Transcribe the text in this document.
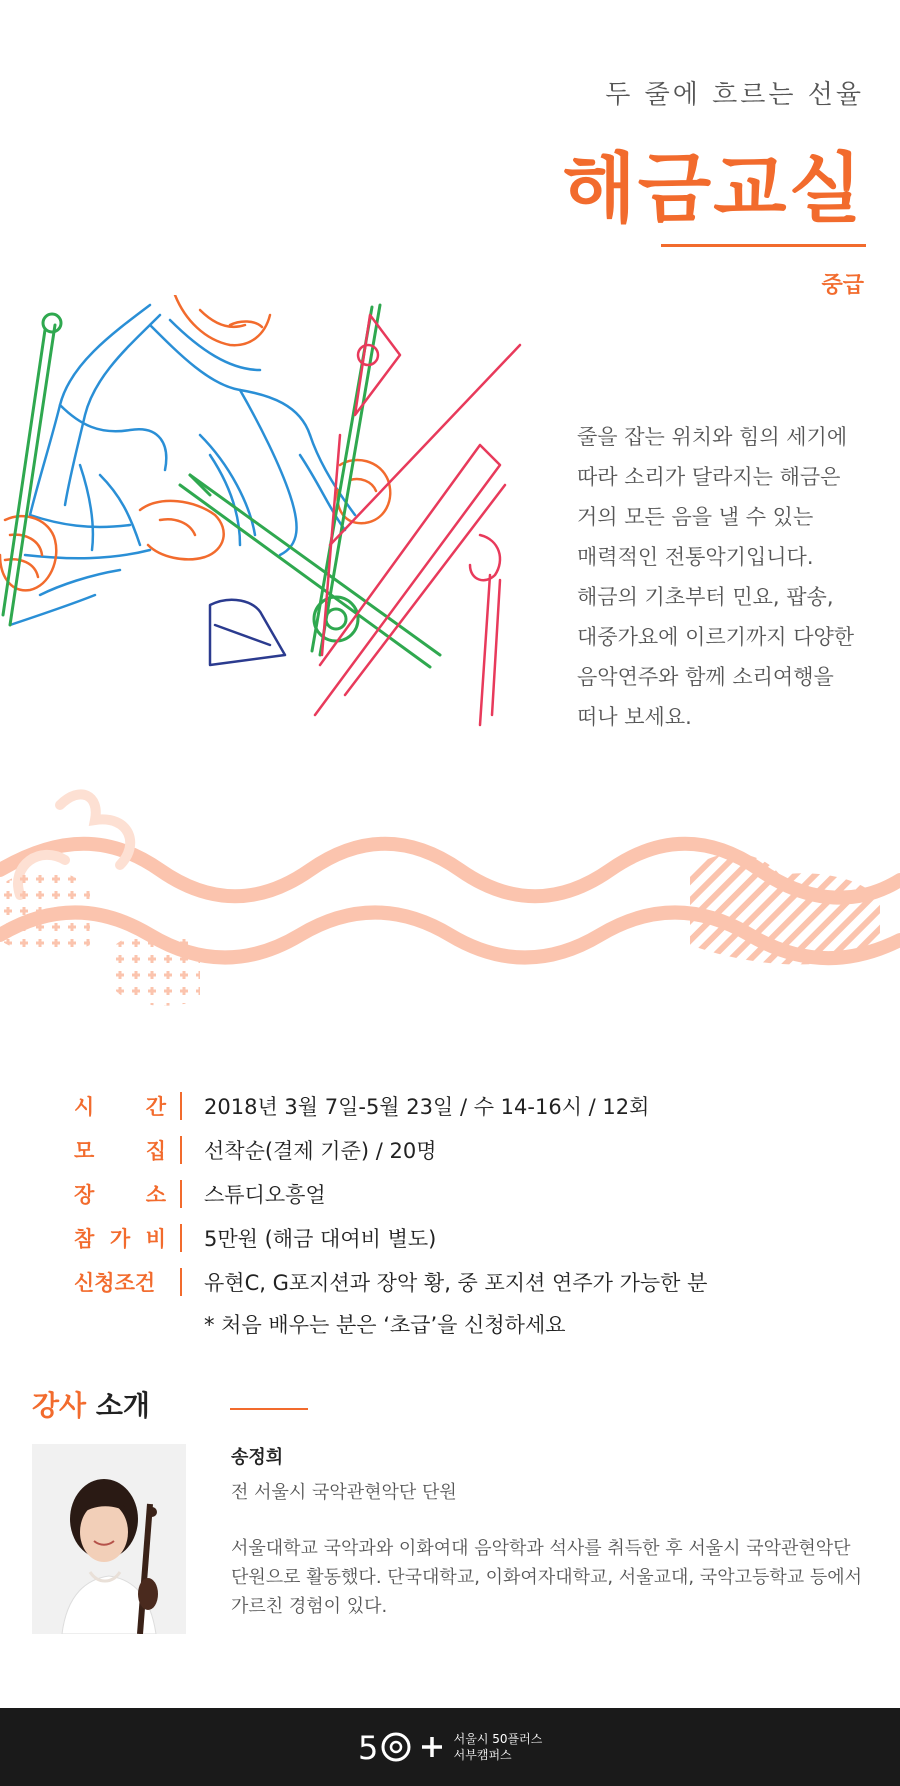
두 줄에 흐르는 선율
해금교실
중급

줄을 잡는 위치와 힘의 세기에

따라 소리가 달라지는 해금은

거의 모든 음을 낼 수 있는

매력적인 전통악기입니다.

해금의 기초부터 민요, 팝송,

대중가요에 이르기까지 다양한

음악연주와 함께 소리여행을

떠나 보세요.

시 간 2018년 3월 7일-5월 23일 / 수 14-16시 / 12회
모 집 선착순(결제 기준) / 20명
장 소 스튜디오흥얼
참 가 비 5만원 (해금 대여비 별도)
신청조건 유현C, G포지션과 장악 황, 중 포지션 연주가 가능한 분
* 처음 배우는 분은 ‘초급’을 신청하세요
강사 소개
송정희
전 서울시 국악관현악단 단원

서울대학교 국악과와 이화여대 음악학과 석사를 취득한 후 서울시 국악관현악단

단원으로 활동했다. 단국대학교, 이화여자대학교, 서울교대, 국악고등학교 등에서

가르친 경험이 있다.

5	서울시 50플러스
서부캠퍼스
